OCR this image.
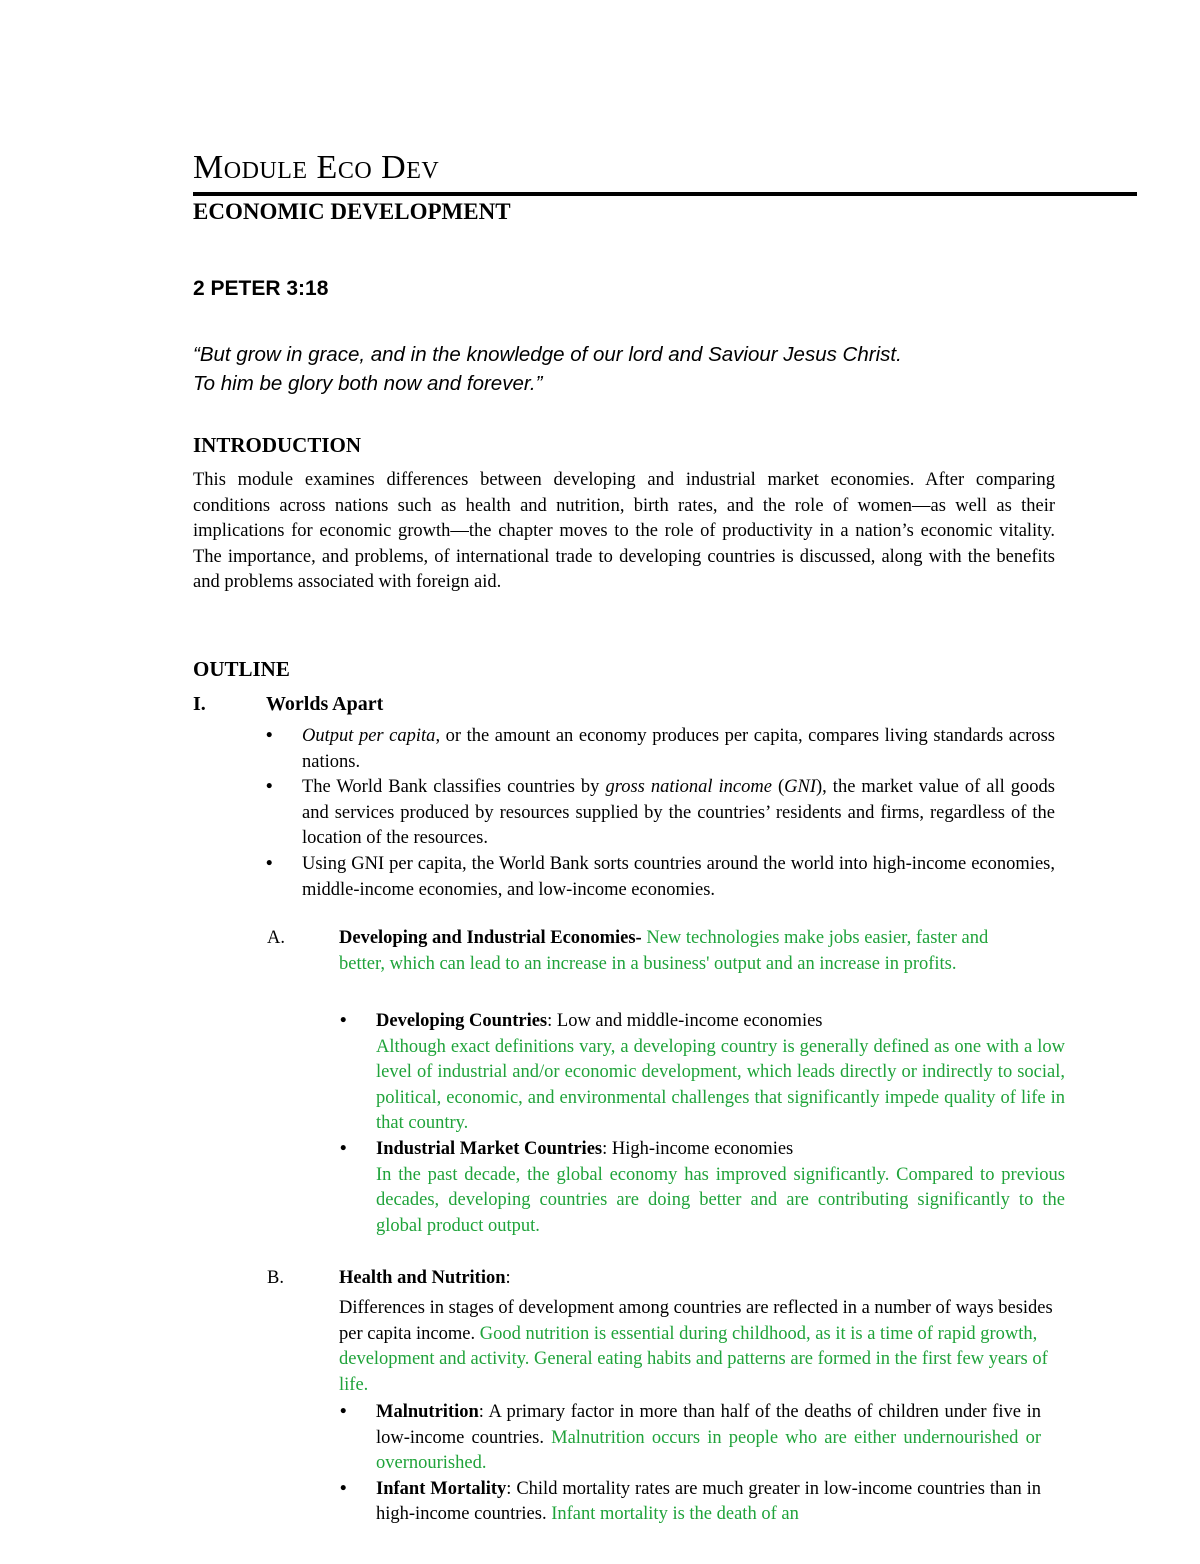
Module Eco Dev
ECONOMIC DEVELOPMENT
2 PETER 3:18
“But grow in grace, and in the knowledge of our lord and Saviour Jesus Christ.
To him be glory both now and forever.”
INTRODUCTION
This module examines differences between developing and industrial market economies. After comparing conditions across nations such as health and nutrition, birth rates, and the role of women—as well as their implications for economic growth—the chapter moves to the role of productivity in a nation’s economic vitality. The importance, and problems, of international trade to developing countries is discussed, along with the benefits and problems associated with foreign aid.
OUTLINE
I.	Worlds Apart
• Output per capita, or the amount an economy produces per capita, compares living standards across nations.
• The World Bank classifies countries by gross national income (GNI), the market value of all goods and services produced by resources supplied by the countries’ residents and firms, regardless of the location of the resources.
• Using GNI per capita, the World Bank sorts countries around the world into high-income economies, middle-income economies, and low-income economies.
A.	Developing and Industrial Economies- New technologies make jobs easier, faster and better, which can lead to an increase in a business' output and an increase in profits.
• Developing Countries: Low and middle-income economies
Although exact definitions vary, a developing country is generally defined as one with a low level of industrial and/or economic development, which leads directly or indirectly to social, political, economic, and environmental challenges that significantly impede quality of life in that country.
• Industrial Market Countries: High-income economies
In the past decade, the global economy has improved significantly. Compared to previous decades, developing countries are doing better and are contributing significantly to the global product output.
B.	Health and Nutrition:
Differences in stages of development among countries are reflected in a number of ways besides per capita income. Good nutrition is essential during childhood, as it is a time of rapid growth, development and activity. General eating habits and patterns are formed in the first few years of life.
• Malnutrition: A primary factor in more than half of the deaths of children under five in low-income countries. Malnutrition occurs in people who are either undernourished or overnourished.
• Infant Mortality: Child mortality rates are much greater in low-income countries than in high-income countries. Infant mortality is the death of an
